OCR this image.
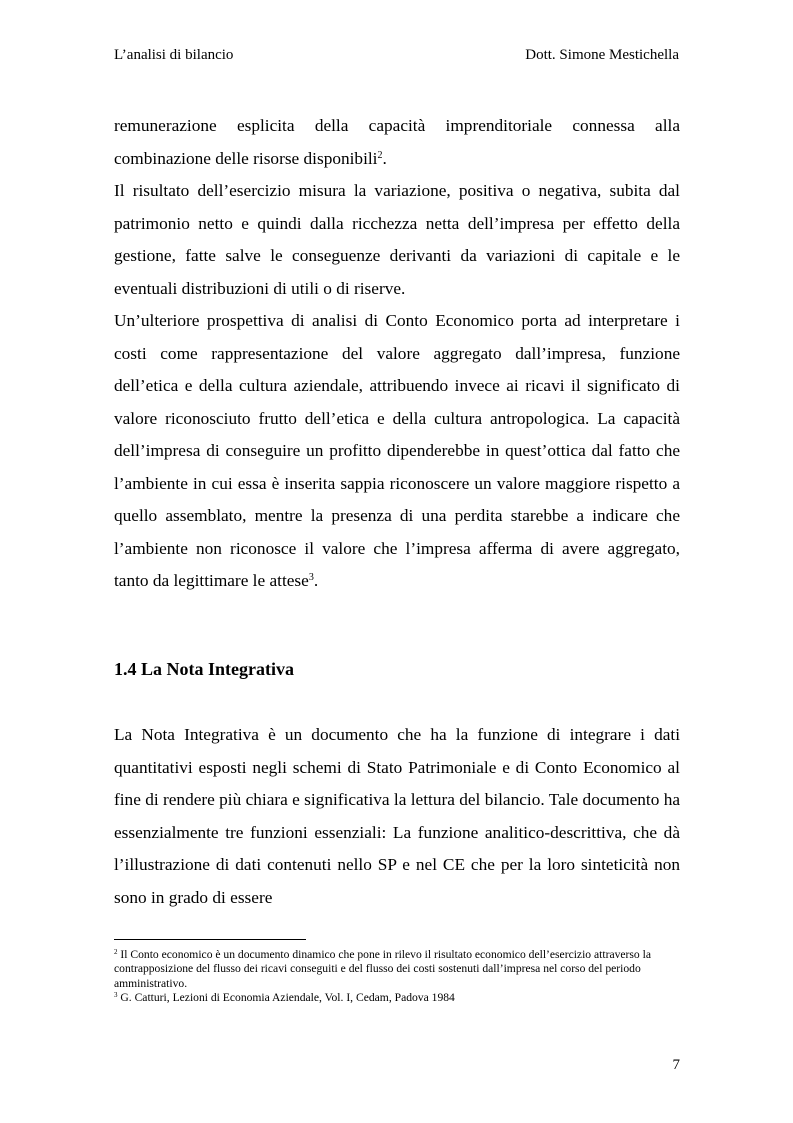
L’analisi di bilancio	Dott. Simone Mestichella

remunerazione esplicita della capacità imprenditoriale connessa alla combinazione delle risorse disponibili$^2$.

Il risultato dell’esercizio misura la variazione, positiva o negativa, subita dal patrimonio netto e quindi dalla ricchezza netta dell’impresa per effetto della gestione, fatte salve le conseguenze derivanti da variazioni di capitale e le eventuali distribuzioni di utili o di riserve.

Un’ulteriore prospettiva di analisi di Conto Economico porta ad interpretare i costi come rappresentazione del valore aggregato dall’impresa, funzione dell’etica e della cultura aziendale, attribuendo invece ai ricavi il significato di valore riconosciuto frutto dell’etica e della cultura antropologica. La capacità dell’impresa di conseguire un profitto dipenderebbe in quest’ottica dal fatto che l’ambiente in cui essa è inserita sappia riconoscere un valore maggiore rispetto a quello assemblato, mentre la presenza di una perdita starebbe a indicare che l’ambiente non riconosce il valore che l’impresa afferma di avere aggregato, tanto da legittimare le attese$^3$.

1.4 La Nota Integrativa

La Nota Integrativa è un documento che ha la funzione di integrare i dati quantitativi esposti negli schemi di Stato Patrimoniale e di Conto Economico al fine di rendere più chiara e significativa la lettura del bilancio. Tale documento ha essenzialmente tre funzioni essenziali: La funzione analitico-descrittiva, che dà l’illustrazione di dati contenuti nello SP e nel CE che per la loro sinteticità non sono in grado di essere

$^2$ Il Conto economico è un documento dinamico che pone in rilevo il risultato economico dell’esercizio attraverso la contrapposizione del flusso dei ricavi conseguiti e del flusso dei costi sostenuti dall’impresa nel corso del periodo amministrativo.

$^3$ G. Catturi, Lezioni di Economia Aziendale, Vol. I, Cedam, Padova 1984

7
